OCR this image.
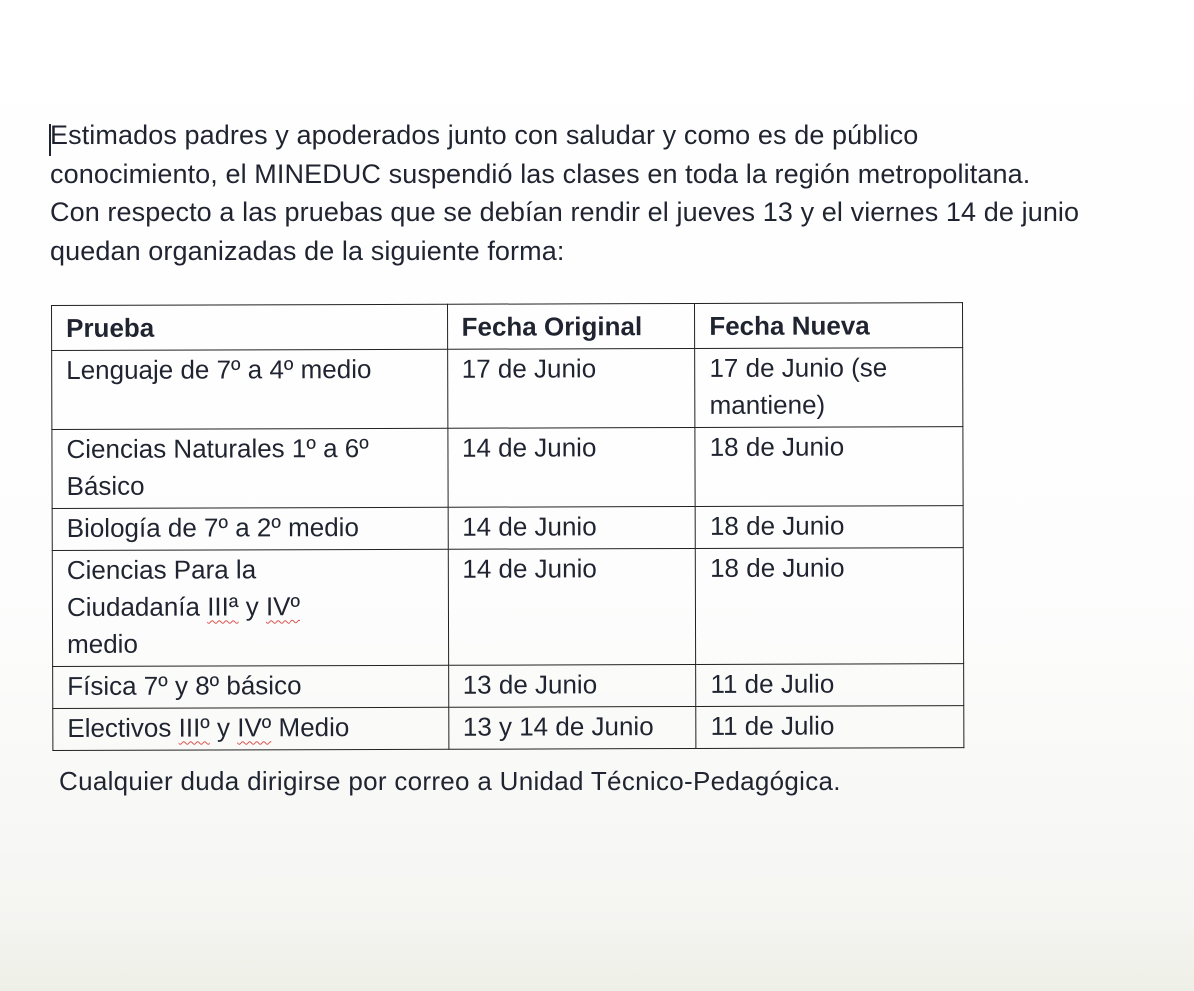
Estimados padres y apoderados junto con saludar y como es de público
conocimiento, el MINEDUC suspendió las clases en toda la región metropolitana.
Con respecto a las pruebas que se debían rendir el jueves 13 y el viernes 14 de junio
quedan organizadas de la siguiente forma:
Prueba	Fecha Original	Fecha Nueva

Lenguaje de 7º a 4º medio	17 de Junio	17 de Junio (se
mantiene)

Ciencias Naturales 1º a 6º
Básico	14 de Junio	18 de Junio

Biología de 7º a 2º medio	14 de Junio	18 de Junio

Ciencias Para la
Ciudadanía IIIª y IVº
medio	14 de Junio	18 de Junio

Física 7º y 8º básico	13 de Junio	11 de Julio

Electivos IIIº y IVº Medio	13 y 14 de Junio	11 de Julio
Cualquier duda dirigirse por correo a Unidad Técnico-Pedagógica.
